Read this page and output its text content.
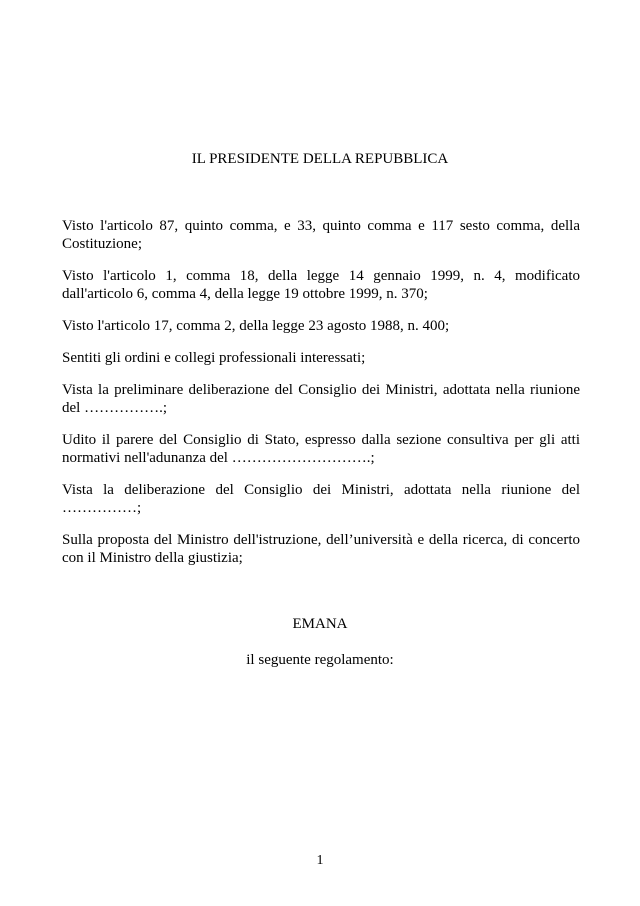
IL PRESIDENTE DELLA REPUBBLICA

Visto l'articolo 87, quinto comma, e 33, quinto comma e 117 sesto comma, della Costituzione;

Visto l'articolo 1, comma 18, della legge 14 gennaio 1999, n. 4, modificato dall'articolo 6, comma 4, della legge 19 ottobre 1999, n. 370;

Visto l'articolo 17, comma 2, della legge 23 agosto 1988, n. 400;

Sentiti gli ordini e collegi professionali interessati;

Vista la preliminare deliberazione del Consiglio dei Ministri, adottata nella riunione del …………….;

Udito il parere del Consiglio di Stato, espresso dalla sezione consultiva per gli atti normativi nell'adunanza del ……………………….;

Vista la deliberazione del Consiglio dei Ministri, adottata nella riunione del ……………;

Sulla proposta del Ministro dell'istruzione, dell’università e della ricerca, di concerto con il Ministro della giustizia;

EMANA
il seguente regolamento:
1
